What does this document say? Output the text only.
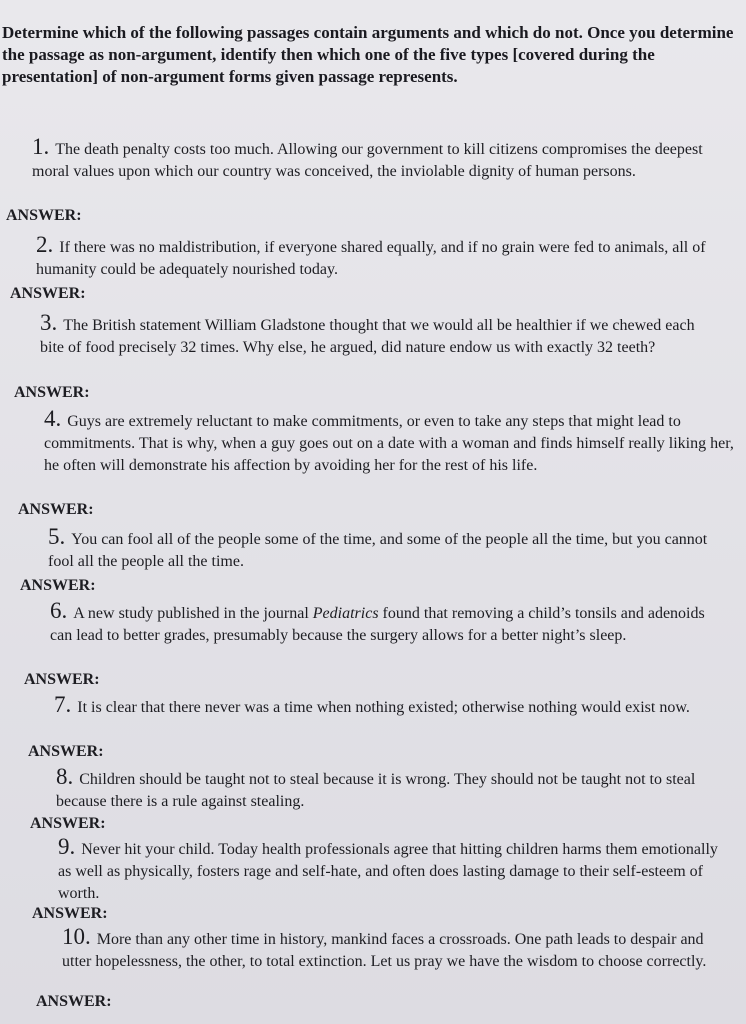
Determine which of the following passages contain arguments and which do not. Once you determine the passage as non-argument, identify then which one of the five types [covered during the presentation] of non-argument forms given passage represents.

1. The death penalty costs too much. Allowing our government to kill citizens compromises the deepest moral values upon which our country was conceived, the inviolable dignity of human persons.

ANSWER:

2. If there was no maldistribution, if everyone shared equally, and if no grain were fed to animals, all of humanity could be adequately nourished today.

ANSWER:

3. The British statement William Gladstone thought that we would all be healthier if we chewed each bite of food precisely 32 times. Why else, he argued, did nature endow us with exactly 32 teeth?

ANSWER:

4. Guys are extremely reluctant to make commitments, or even to take any steps that might lead to commitments. That is why, when a guy goes out on a date with a woman and finds himself really liking her, he often will demonstrate his affection by avoiding her for the rest of his life.

ANSWER:

5. You can fool all of the people some of the time, and some of the people all the time, but you cannot fool all the people all the time.

ANSWER:

6. A new study published in the journal Pediatrics found that removing a child’s tonsils and adenoids can lead to better grades, presumably because the surgery allows for a better night’s sleep.

ANSWER:

7. It is clear that there never was a time when nothing existed; otherwise nothing would exist now.

ANSWER:

8. Children should be taught not to steal because it is wrong. They should not be taught not to steal because there is a rule against stealing.

ANSWER:

9. Never hit your child. Today health professionals agree that hitting children harms them emotionally as well as physically, fosters rage and self-hate, and often does lasting damage to their self-esteem of worth.

ANSWER:

10. More than any other time in history, mankind faces a crossroads. One path leads to despair and utter hopelessness, the other, to total extinction. Let us pray we have the wisdom to choose correctly.

ANSWER:
